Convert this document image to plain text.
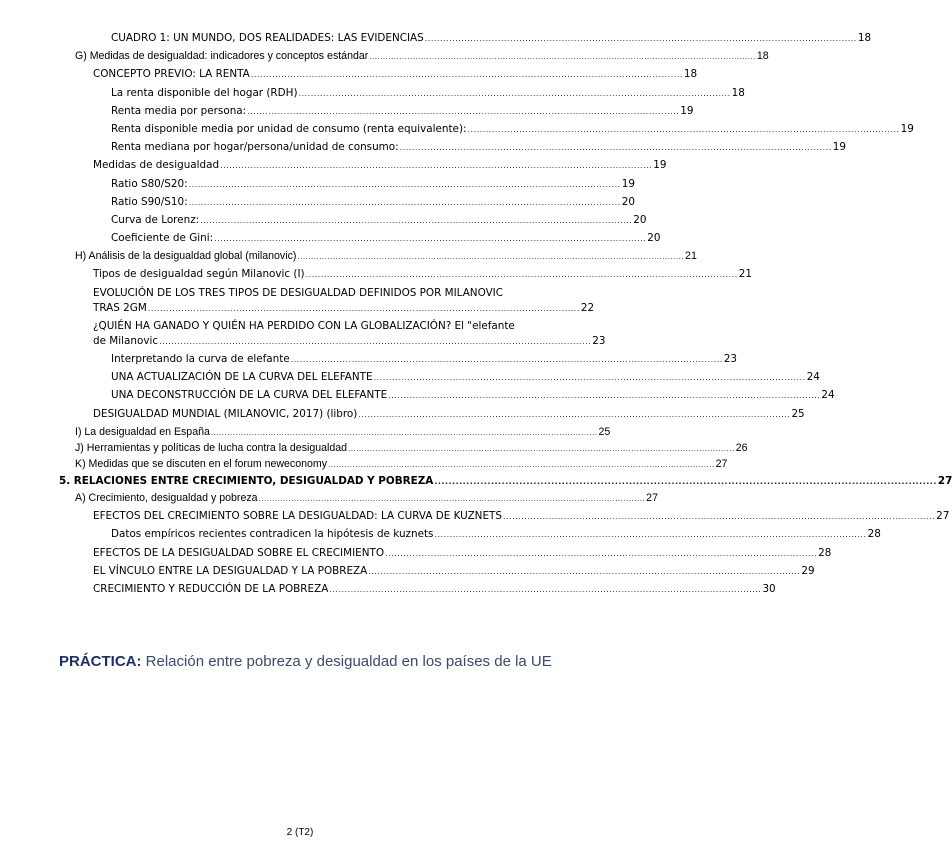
CUADRO 1: UN MUNDO, DOS REALIDADES: LAS EVIDENCIAS .............................................................................................................................................. 18
G) Medidas de desigualdad: indicadores y conceptos estándar .............................................................................................................................................. 18
CONCEPTO PREVIO: LA RENTA .............................................................................................................................................. 18
La renta disponible del hogar (RDH) .............................................................................................................................................. 18
Renta media por persona: .............................................................................................................................................. 19
Renta disponible media por unidad de consumo (renta equivalente): .............................................................................................................................................. 19
Renta mediana por hogar/persona/unidad de consumo: .............................................................................................................................................. 19
Medidas de desigualdad .............................................................................................................................................. 19
Ratio S80/S20: .............................................................................................................................................. 19
Ratio S90/S10: .............................................................................................................................................. 20
Curva de Lorenz: .............................................................................................................................................. 20
Coeficiente de Gini: .............................................................................................................................................. 20
H) Análisis de la desigualdad global (milanovic) .............................................................................................................................................. 21
Tipos de desigualdad según Milanovic (I) .............................................................................................................................................. 21
EVOLUCIÓN DE LOS TRES TIPOS DE DESIGUALDAD DEFINIDOS POR MILANOVIC
TRAS 2GM .............................................................................................................................................. 22
¿QUIÉN HA GANADO Y QUIÉN HA PERDIDO CON LA GLOBALIZACIÓN? El "elefante
de Milanovic .............................................................................................................................................. 23
Interpretando la curva de elefante .............................................................................................................................................. 23
UNA ACTUALIZACIÓN DE LA CURVA DEL ELEFANTE .............................................................................................................................................. 24
UNA DECONSTRUCCIÓN DE LA CURVA DEL ELEFANTE .............................................................................................................................................. 24
DESIGUALDAD MUNDIAL (MILANOVIC, 2017) (libro) .............................................................................................................................................. 25
I) La desigualdad en España .............................................................................................................................................. 25
J) Herramientas y políticas de lucha contra la desigualdad .............................................................................................................................................. 26
K) Medidas que se discuten en el forum neweconomy .............................................................................................................................................. 27
5. RELACIONES ENTRE CRECIMIENTO, DESIGUALDAD Y POBREZA .............................................................................................................................................. 27
A) Crecimiento, desigualdad y pobreza .............................................................................................................................................. 27
EFECTOS DEL CRECIMIENTO SOBRE LA DESIGUALDAD: LA CURVA DE KUZNETS .............................................................................................................................................. 27
Datos empíricos recientes contradicen la hipótesis de kuznets .............................................................................................................................................. 28
EFECTOS DE LA DESIGUALDAD SOBRE EL CRECIMIENTO .............................................................................................................................................. 28
EL VÍNCULO ENTRE LA DESIGUALDAD Y LA POBREZA .............................................................................................................................................. 29
CRECIMIENTO Y REDUCCIÓN DE LA POBREZA .............................................................................................................................................. 30
PRÁCTICA: Relación entre pobreza y desigualdad en los países de la UE
2 (T2)
